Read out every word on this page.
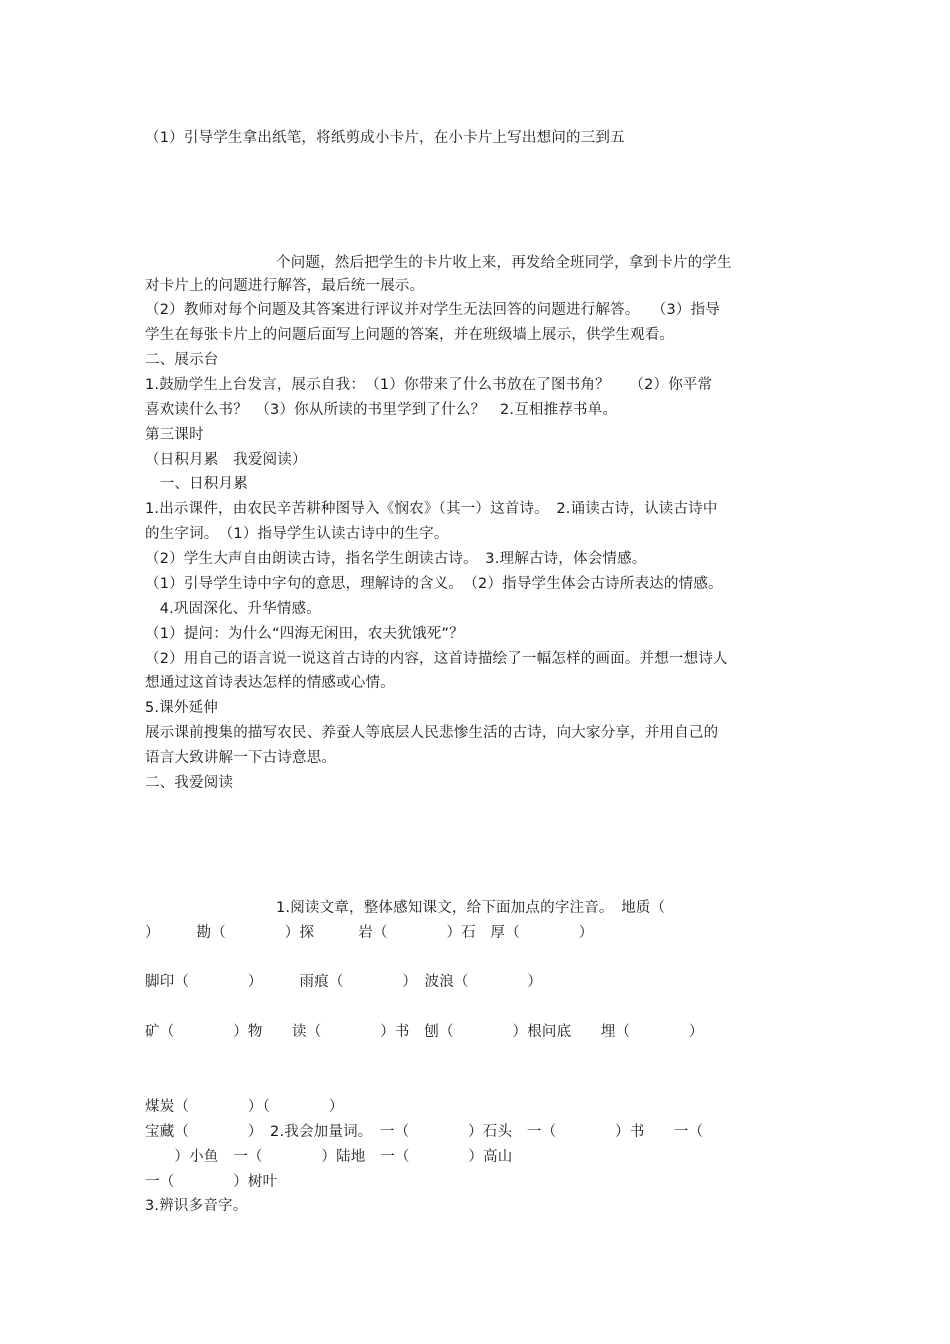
（1）引导学生拿出纸笔，将纸剪成小卡片，在小卡片上写出想问的三到五
个问题，然后把学生的卡片收上来，再发给全班同学，拿到卡片的学生
对卡片上的问题进行解答，最后统一展示。
（2）教师对每个问题及其答案进行评议并对学生无法回答的问题进行解答。　 （3）指导
学生在每张卡片上的问题后面写上问题的答案，并在班级墙上展示，供学生观看。
二、展示台
1.鼓励学生上台发言，展示自我：　（1）你带来了什么书放在了图书角？　 （2）你平常
喜欢读什么书？　（3）你从所读的书里学到了什么？　2.互相推荐书单。
第三课时
（日积月累　我爱阅读）
　一、日积月累
1.出示课件，由农民辛苦耕种图导入《悯农》（其一）这首诗。　2.诵读古诗，认读古诗中
的生字词。　（1）指导学生认读古诗中的生字。
（2）学生大声自由朗读古诗，指名学生朗读古诗。　3.理解古诗，体会情感。
（1）引导学生诗中字句的意思，理解诗的含义。　（2）指导学生体会古诗所表达的情感。
　4.巩固深化、升华情感。
（1）提问：为什么“四海无闲田，农夫犹饿死”？
（2）用自己的语言说一说这首古诗的内容，这首诗描绘了一幅怎样的画面。并想一想诗人
想通过这首诗表达怎样的情感或心情。
5.课外延伸
展示课前搜集的描写农民、养蚕人等底层人民悲惨生活的古诗，向大家分享，并用自己的
语言大致讲解一下古诗意思。
二、我爱阅读
1.阅读文章，整体感知课文，给下面加点的字注音。　地质（
）　　　勘（　　　　）探　　　岩（　　　　）石　厚（　　　　）
脚印（　　　　）　　　雨痕（　　　　）　波浪（　　　　）
矿（　　　　）物　　读（　　　　）书　刨（　　　　）根问底　　埋（　　　　）
煤炭（　　　　）（　　　　）
宝藏（　　　　）　2.我会加量词。　一（　　　　）石头　一（　　　　）书　　一（
　　）小鱼　一（　　　　）陆地　一（　　　　）高山
一（　　　　）树叶
3.辨识多音字。
